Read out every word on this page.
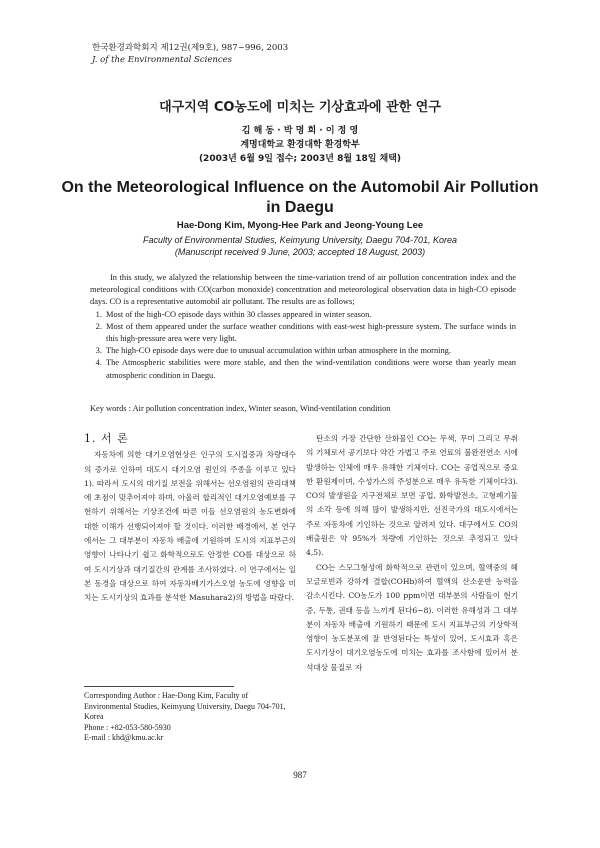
한국환경과학회지 제12권(제9호), 987~996, 2003
J. of the Environmental Sciences
대구지역 CO농도에 미치는 기상효과에 관한 연구
김 해 동 · 박 명 희 · 이 정 영
계명대학교 환경대학 환경학부
(2003년 6월 9일 접수; 2003년 8월 18일 채택)
On the Meteorological Influence on the Automobil Air Pollution in Daegu
Hae-Dong Kim, Myong-Hee Park and Jeong-Young Lee
Faculty of Environmental Studies, Keimyung University, Daegu 704-701, Korea
(Manuscript received 9 June, 2003; accepted 18 August, 2003)

In this study, we alalyzed the relationship between the time-variation trend of air pollution concentration index and the meteorological conditions with CO(carbon monoxide) concentration and meteorological observation data in high-CO episode days. CO is a representative automobil air pollutant. The results are as follows;

1. Most of the high-CO episode days within 30 classes appeared in winter season.
2. Most of them appeared under the surface weather conditions with east-west high-pressure system. The surface winds in this high-pressure area were very light.
3. The high-CO episode days were due to unusual accumulation within urban atmosphere in the morning.
4. The Atmospheric stabilities were more stable, and then the wind-ventilation conditions were worse than yearly mean atmospheric condition in Daegu.
Key words : Air pollution concentration index, Winter season, Wind-ventilation condition
1. 서 론

자동차에 의한 대기오염현상은 인구의 도시집중과 차량대수의 증가로 인하여 대도시 대기오염 원인의 주종을 이루고 있다1). 따라서 도시의 대기질 보전을 위해서는 선오염원의 관리대책에 초점이 맞추어져야 하며, 아울러 합리적인 대기오염예보를 구현하기 위해서는 기상조건에 따른 이들 선오염원의 농도변화에 대한 이해가 선행되어져야 할 것이다. 이러한 배경에서, 본 연구에서는 그 대부분이 자동차 배출에 기원하며 도시의 지표부근의 영향이 나타나기 쉽고 화학적으로도 안정한 CO를 대상으로 하여 도시기상과 대기질간의 관계를 조사하였다. 이 연구에서는 일본 동경을 대상으로 하여 자동차배기가스오염 농도에 영향을 미치는 도시기상의 효과를 분석한 Masuhara2)의 방법을 따랐다.

Corresponding Author : Hae-Dong Kim, Faculty of Environmental Studies, Keimyung University, Daegu 704-701, Korea
Phone : +82-053-580-5930
E-mail : khd@kmu.ac.kr

탄소의 가장 간단한 산화물인 CO는 무색, 무미 그리고 무취의 기체로서 공기보다 약간 가볍고 주로 연료의 불완전연소 시에 발생하는 인체에 매우 유해한 기체이다. CO는 공업적으로 중요한 환원제이며, 수성가스의 주성분으로 매우 유독한 기체이다3). CO의 발생원을 지구전체로 보면 공업, 화학발전소, 고형폐기물의 소각 등에 의해 많이 발생하지만, 선진국가의 대도시에서는 주로 자동차에 기인하는 것으로 알려져 있다. 대구에서도 CO의 배출원은 약 95%가 차량에 기인하는 것으로 추정되고 있다4,5).

CO는 스모그형성에 화학적으로 관련이 있으며, 혈액중의 헤모글로빈과 강하게 결합(COHb)하여 혈액의 산소운반 능력을 감소시킨다. CO농도가 100 ppm이면 대부분의 사람들이 현기증, 두통, 권태 등을 느끼게 된다6~8). 이러한 유해성과 그 대부분이 자동차 배출에 기원하기 때문에 도시 지표부근의 기상학적 영향이 농도분포에 잘 반영된다는 특성이 있어, 도시효과 혹은 도시기상이 대기오염농도에 미치는 효과를 조사함에 있어서 분석대상 물질로 자

987
